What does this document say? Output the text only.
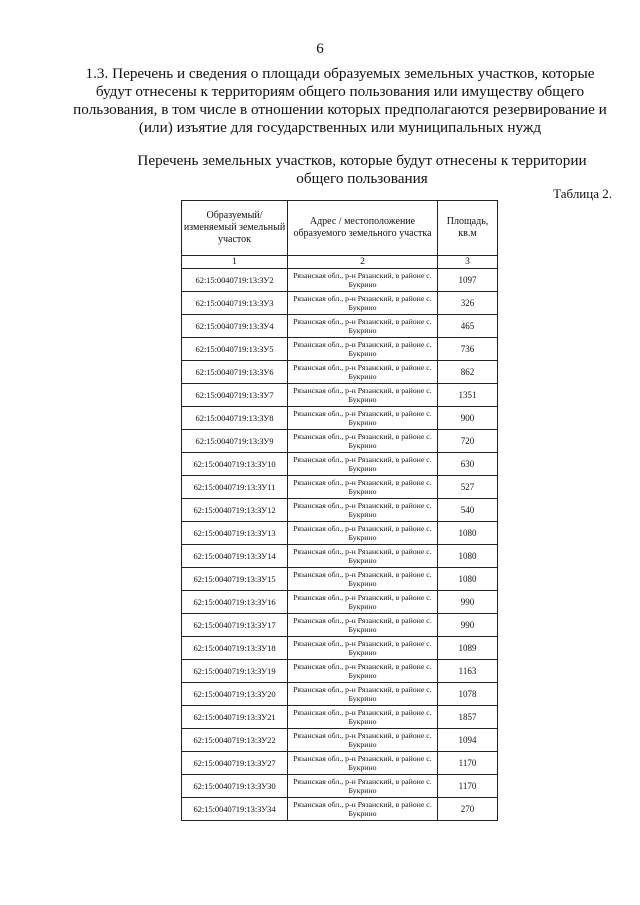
6
1.3. Перечень и сведения о площади образуемых земельных участков, которые будут отнесены к территориям общего пользования или имуществу общего пользования, в том числе в отношении которых предполагаются резервирование и (или) изъятие для государственных или муниципальных нужд
Перечень земельных участков, которые будут отнесены к территории общего пользования
Таблица 2.
Образуемый/ изменяемый земельный участок	Адрес / местоположение образуемого земельного участка	Площадь, кв.м
1	2	3
62:15:0040719:13:ЗУ2	Рязанская обл., р-н Рязанский, в районе с. Букрино	1097
62:15:0040719:13:ЗУ3	Рязанская обл., р-н Рязанский, в районе с. Букрино	326
62:15:0040719:13:ЗУ4	Рязанская обл., р-н Рязанский, в районе с. Букрино	465
62:15:0040719:13:ЗУ5	Рязанская обл., р-н Рязанский, в районе с. Букрино	736
62:15:0040719:13:ЗУ6	Рязанская обл., р-н Рязанский, в районе с. Букрино	862
62:15:0040719:13:ЗУ7	Рязанская обл., р-н Рязанский, в районе с. Букрино	1351
62:15:0040719:13:ЗУ8	Рязанская обл., р-н Рязанский, в районе с. Букрино	900
62:15:0040719:13:ЗУ9	Рязанская обл., р-н Рязанский, в районе с. Букрино	720
62:15:0040719:13:ЗУ10	Рязанская обл., р-н Рязанский, в районе с. Букрино	630
62:15:0040719:13:ЗУ11	Рязанская обл., р-н Рязанский, в районе с. Букрино	527
62:15:0040719:13:ЗУ12	Рязанская обл., р-н Рязанский, в районе с. Букрино	540
62:15:0040719:13:ЗУ13	Рязанская обл., р-н Рязанский, в районе с. Букрино	1080
62:15:0040719:13:ЗУ14	Рязанская обл., р-н Рязанский, в районе с. Букрино	1080
62:15:0040719:13:ЗУ15	Рязанская обл., р-н Рязанский, в районе с. Букрино	1080
62:15:0040719:13:ЗУ16	Рязанская обл., р-н Рязанский, в районе с. Букрино	990
62:15:0040719:13:ЗУ17	Рязанская обл., р-н Рязанский, в районе с. Букрино	990
62:15:0040719:13:ЗУ18	Рязанская обл., р-н Рязанский, в районе с. Букрино	1089
62:15:0040719:13:ЗУ19	Рязанская обл., р-н Рязанский, в районе с. Букрино	1163
62:15:0040719:13:ЗУ20	Рязанская обл., р-н Рязанский, в районе с. Букрино	1078
62:15:0040719:13:ЗУ21	Рязанская обл., р-н Рязанский, в районе с. Букрино	1857
62:15:0040719:13:ЗУ22	Рязанская обл., р-н Рязанский, в районе с. Букрино	1094
62:15:0040719:13:ЗУ27	Рязанская обл., р-н Рязанский, в районе с. Букрино	1170
62:15:0040719:13:ЗУ30	Рязанская обл., р-н Рязанский, в районе с. Букрино	1170
62:15:0040719:13:ЗУ34	Рязанская обл., р-н Рязанский, в районе с. Букрино	270
